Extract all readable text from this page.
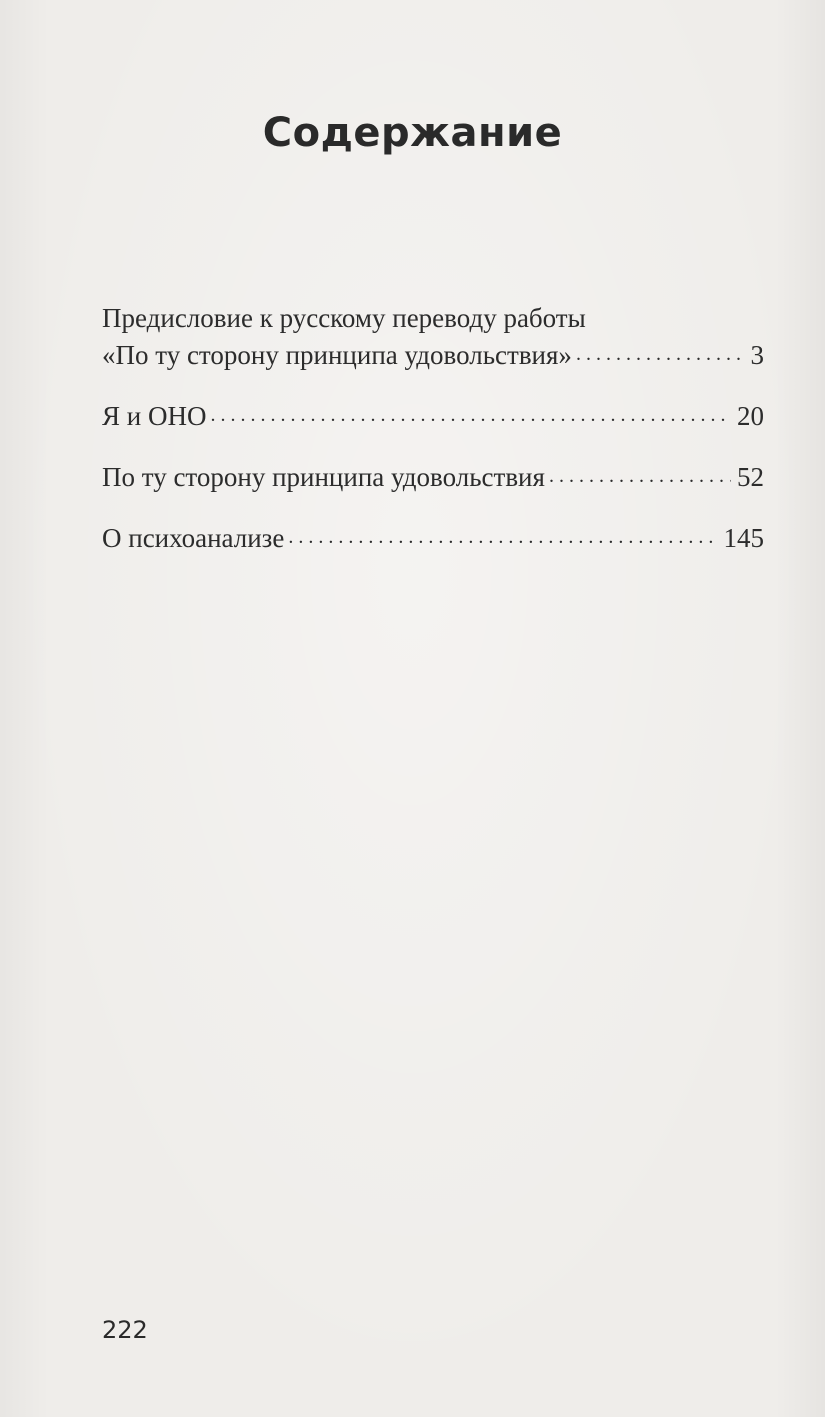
Содержание
Предисловие к русскому переводу работы
«По ту сторону принципа удовольствия» . . .	3
Я и ОНО . . .	20
По ту сторону принципа удовольствия . . .	52
О психоанализе . . .	145
222
